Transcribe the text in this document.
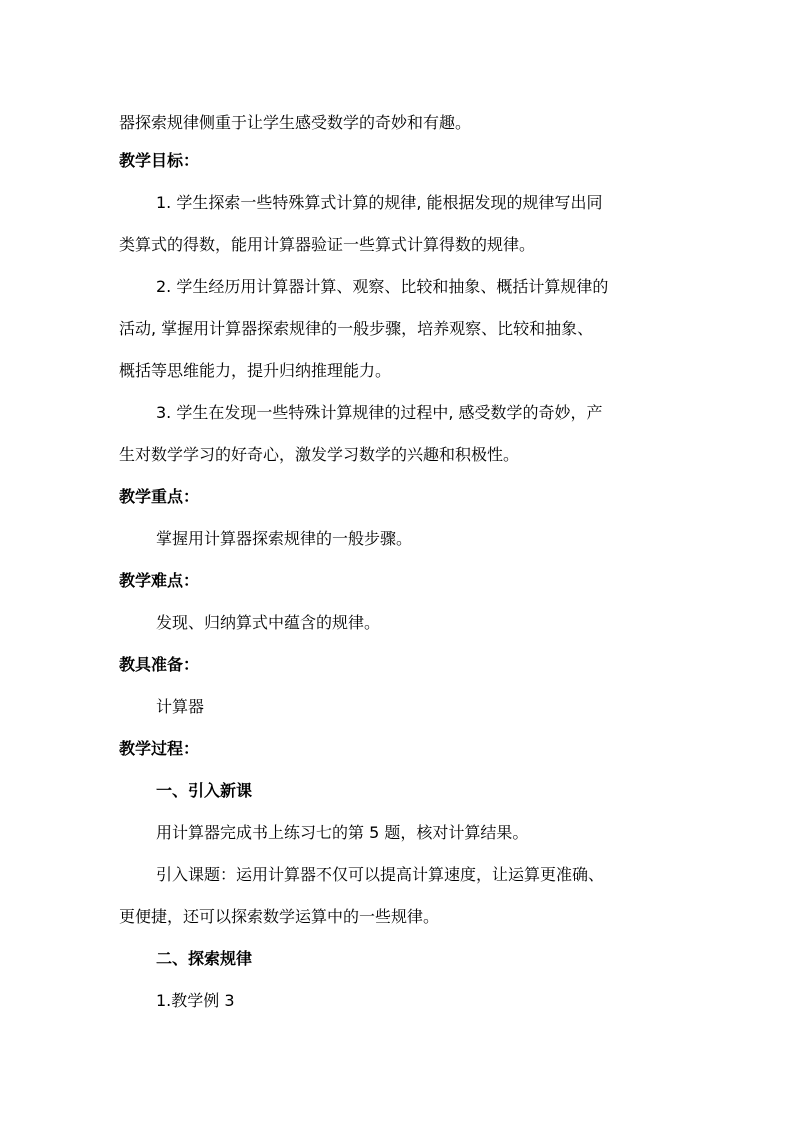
器探索规律侧重于让学生感受数学的奇妙和有趣。
教学目标：
1. 学生探索一些特殊算式计算的规律, 能根据发现的规律写出同
类算式的得数，能用计算器验证一些算式计算得数的规律。
2. 学生经历用计算器计算、观察、比较和抽象、概括计算规律的
活动, 掌握用计算器探索规律的一般步骤，培养观察、比较和抽象、
概括等思维能力，提升归纳推理能力。
3. 学生在发现一些特殊计算规律的过程中, 感受数学的奇妙，产
生对数学学习的好奇心，激发学习数学的兴趣和积极性。
教学重点：
掌握用计算器探索规律的一般步骤。
教学难点：
发现、归纳算式中蕴含的规律。
教具准备：
计算器
教学过程：
一、引入新课
用计算器完成书上练习七的第 5 题，核对计算结果。
引入课题：运用计算器不仅可以提高计算速度，让运算更准确、
更便捷，还可以探索数学运算中的一些规律。
二、探索规律
1.教学例 3
